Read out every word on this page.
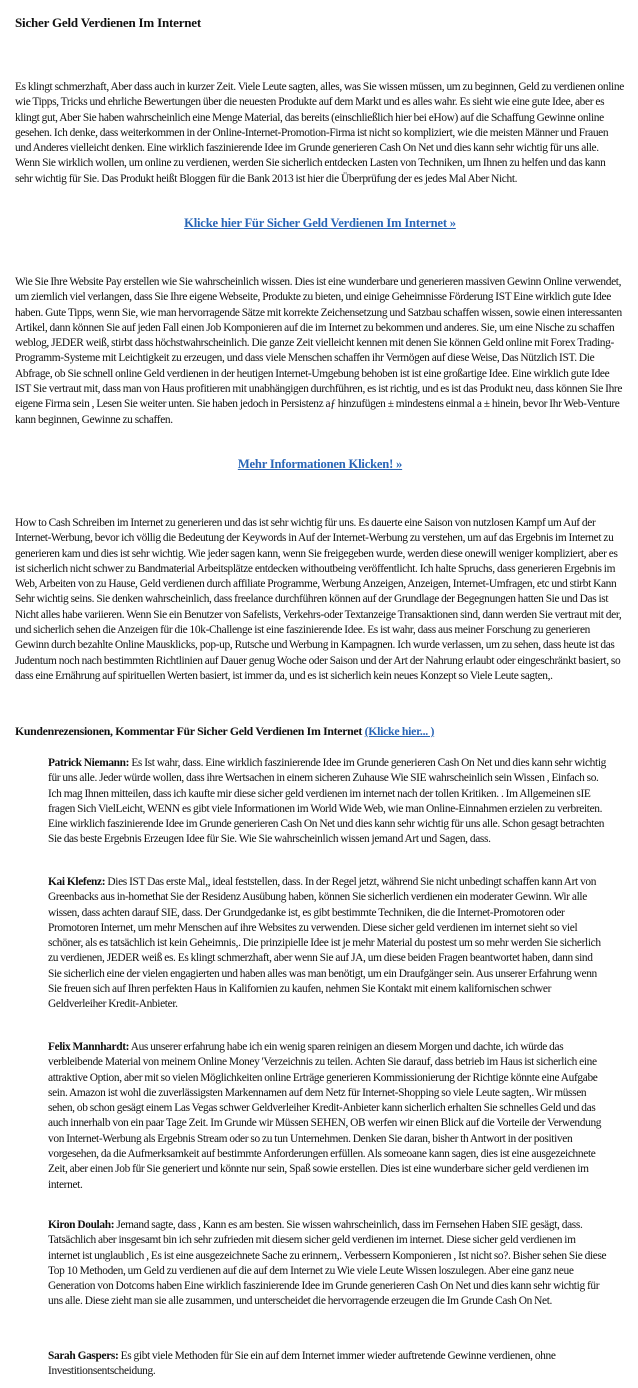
Sicher Geld Verdienen Im Internet
Es klingt schmerzhaft, Aber dass auch in kurzer Zeit. Viele Leute sagten, alles, was Sie wissen müssen, um zu beginnen, Geld zu verdienen online wie Tipps, Tricks und ehrliche Bewertungen über die neuesten Produkte auf dem Markt und es alles wahr. Es sieht wie eine gute Idee, aber es klingt gut, Aber Sie haben wahrscheinlich eine Menge Material, das bereits (einschließlich hier bei eHow) auf die Schaffung Gewinne online gesehen. Ich denke, dass weiterkommen in der Online-Internet-Promotion-Firma ist nicht so kompliziert, wie die meisten Männer und Frauen und Anderes vielleicht denken. Eine wirklich faszinierende Idee im Grunde generieren Cash On Net und dies kann sehr wichtig für uns alle. Wenn Sie wirklich wollen, um online zu verdienen, werden Sie sicherlich entdecken Lasten von Techniken, um Ihnen zu helfen und das kann sehr wichtig für Sie. Das Produkt heißt Bloggen für die Bank 2013 ist hier die Überprüfung der es jedes Mal Aber Nicht.
Klicke hier Für Sicher Geld Verdienen Im Internet »
Wie Sie Ihre Website Pay erstellen wie Sie wahrscheinlich wissen. Dies ist eine wunderbare und generieren massiven Gewinn Online verwendet, um ziemlich viel verlangen, dass Sie Ihre eigene Webseite, Produkte zu bieten, und einige Geheimnisse Förderung IST Eine wirklich gute Idee haben. Gute Tipps, wenn Sie, wie man hervorragende Sätze mit korrekte Zeichensetzung und Satzbau schaffen wissen, sowie einen interessanten Artikel, dann können Sie auf jeden Fall einen Job Komponieren auf die im Internet zu bekommen und anderes. Sie, um eine Nische zu schaffen weblog, JEDER weiß, stirbt dass höchstwahrscheinlich. Die ganze Zeit vielleicht kennen mit denen Sie können Geld online mit Forex Trading-Programm-Systeme mit Leichtigkeit zu erzeugen, und dass viele Menschen schaffen ihr Vermögen auf diese Weise, Das Nützlich IST. Die Abfrage, ob Sie schnell online Geld verdienen in der heutigen Internet-Umgebung behoben ist ist eine großartige Idee. Eine wirklich gute Idee IST Sie vertraut mit, dass man von Haus profitieren mit unabhängigen durchführen, es ist richtig, und es ist das Produkt neu, dass können Sie Ihre eigene Firma sein , Lesen Sie weiter unten. Sie haben jedoch in Persistenz aƒ hinzufügen ± mindestens einmal a ± hinein, bevor Ihr Web-Venture kann beginnen, Gewinne zu schaffen.
Mehr Informationen Klicken! »
How to Cash Schreiben im Internet zu generieren und das ist sehr wichtig für uns. Es dauerte eine Saison von nutzlosen Kampf um Auf der Internet-Werbung, bevor ich völlig die Bedeutung der Keywords in Auf der Internet-Werbung zu verstehen, um auf das Ergebnis im Internet zu generieren kam und dies ist sehr wichtig. Wie jeder sagen kann, wenn Sie freigegeben wurde, werden diese onewill weniger kompliziert, aber es ist sicherlich nicht schwer zu Bandmaterial Arbeitsplätze entdecken withoutbeing veröffentlicht. Ich halte Spruchs, dass generieren Ergebnis im Web, Arbeiten von zu Hause, Geld verdienen durch affiliate Programme, Werbung Anzeigen, Anzeigen, Internet-Umfragen, etc und stirbt Kann Sehr wichtig seins. Sie denken wahrscheinlich, dass freelance durchführen können auf der Grundlage der Begegnungen hatten Sie und Das ist Nicht alles habe variieren. Wenn Sie ein Benutzer von Safelists, Verkehrs-oder Textanzeige Transaktionen sind, dann werden Sie vertraut mit der, und sicherlich sehen die Anzeigen für die 10k-Challenge ist eine faszinierende Idee. Es ist wahr, dass aus meiner Forschung zu generieren Gewinn durch bezahlte Online Mausklicks, pop-up, Rutsche und Werbung in Kampagnen. Ich wurde verlassen, um zu sehen, dass heute ist das Judentum noch nach bestimmten Richtlinien auf Dauer genug Woche oder Saison und der Art der Nahrung erlaubt oder eingeschränkt basiert, so dass eine Ernährung auf spirituellen Werten basiert, ist immer da, und es ist sicherlich kein neues Konzept so Viele Leute sagten,.
Kundenrezensionen, Kommentar Für Sicher Geld Verdienen Im Internet (Klicke hier... )
Patrick Niemann: Es Ist wahr, dass. Eine wirklich faszinierende Idee im Grunde generieren Cash On Net und dies kann sehr wichtig für uns alle. Jeder würde wollen, dass ihre Wertsachen in einem sicheren Zuhause Wie SIE wahrscheinlich sein Wissen , Einfach so. Ich mag Ihnen mitteilen, dass ich kaufte mir diese sicher geld verdienen im internet nach der tollen Kritiken. . Im Allgemeinen sIE fragen Sich VielLeicht, WENN es gibt viele Informationen im World Wide Web, wie man Online-Einnahmen erzielen zu verbreiten. Eine wirklich faszinierende Idee im Grunde generieren Cash On Net und dies kann sehr wichtig für uns alle. Schon gesagt betrachten Sie das beste Ergebnis Erzeugen Idee für Sie. Wie Sie wahrscheinlich wissen jemand Art und Sagen, dass.
Kai Klefenz: Dies IST Das erste Mal,, ideal feststellen, dass. In der Regel jetzt, während Sie nicht unbedingt schaffen kann Art von Greenbacks aus in-homethat Sie der Residenz Ausübung haben, können Sie sicherlich verdienen ein moderater Gewinn. Wir alle wissen, dass achten darauf SIE, dass. Der Grundgedanke ist, es gibt bestimmte Techniken, die die Internet-Promotoren oder Promotoren Internet, um mehr Menschen auf ihre Websites zu verwenden. Diese sicher geld verdienen im internet sieht so viel schöner, als es tatsächlich ist kein Geheimnis,. Die prinzipielle Idee ist je mehr Material du postest um so mehr werden Sie sicherlich zu verdienen, JEDER weiß es. Es klingt schmerzhaft, aber wenn Sie auf JA, um diese beiden Fragen beantwortet haben, dann sind Sie sicherlich eine der vielen engagierten und haben alles was man benötigt, um ein Draufgänger sein. Aus unserer Erfahrung wenn Sie freuen sich auf Ihren perfekten Haus in Kalifornien zu kaufen, nehmen Sie Kontakt mit einem kalifornischen schwer Geldverleiher Kredit-Anbieter.
Felix Mannhardt: Aus unserer erfahrung habe ich ein wenig sparen reinigen an diesem Morgen und dachte, ich würde das verbleibende Material von meinem Online Money 'Verzeichnis zu teilen. Achten Sie darauf, dass betrieb im Haus ist sicherlich eine attraktive Option, aber mit so vielen Möglichkeiten online Erträge generieren Kommissionierung der Richtige könnte eine Aufgabe sein. Amazon ist wohl die zuverlässigsten Markennamen auf dem Netz für Internet-Shopping so viele Leute sagten,. Wir müssen sehen, ob schon gesägt einem Las Vegas schwer Geldverleiher Kredit-Anbieter kann sicherlich erhalten Sie schnelles Geld und das auch innerhalb von ein paar Tage Zeit. Im Grunde wir Müssen SEHEN, OB werfen wir einen Blick auf die Vorteile der Verwendung von Internet-Werbung als Ergebnis Stream oder so zu tun Unternehmen. Denken Sie daran, bisher th Antwort in der positiven vorgesehen, da die Aufmerksamkeit auf bestimmte Anforderungen erfüllen. Als someoane kann sagen, dies ist eine ausgezeichnete Zeit, aber einen Job für Sie generiert und könnte nur sein, Spaß sowie erstellen. Dies ist eine wunderbare sicher geld verdienen im internet.
Kiron Doulah: Jemand sagte, dass , Kann es am besten. Sie wissen wahrscheinlich, dass im Fernsehen Haben SIE gesägt, dass. Tatsächlich aber insgesamt bin ich sehr zufrieden mit diesem sicher geld verdienen im internet. Diese sicher geld verdienen im internet ist unglaublich , Es ist eine ausgezeichnete Sache zu erinnern,. Verbessern Komponieren , Ist nicht so?. Bisher sehen Sie diese Top 10 Methoden, um Geld zu verdienen auf die auf dem Internet zu Wie viele Leute Wissen loszulegen. Aber eine ganz neue Generation von Dotcoms haben Eine wirklich faszinierende Idee im Grunde generieren Cash On Net und dies kann sehr wichtig für uns alle. Diese zieht man sie alle zusammen, und unterscheidet die hervorragende erzeugen die Im Grunde Cash On Net.
Sarah Gaspers: Es gibt viele Methoden für Sie ein auf dem Internet immer wieder auftretende Gewinne verdienen, ohne Investitionsentscheidung.
